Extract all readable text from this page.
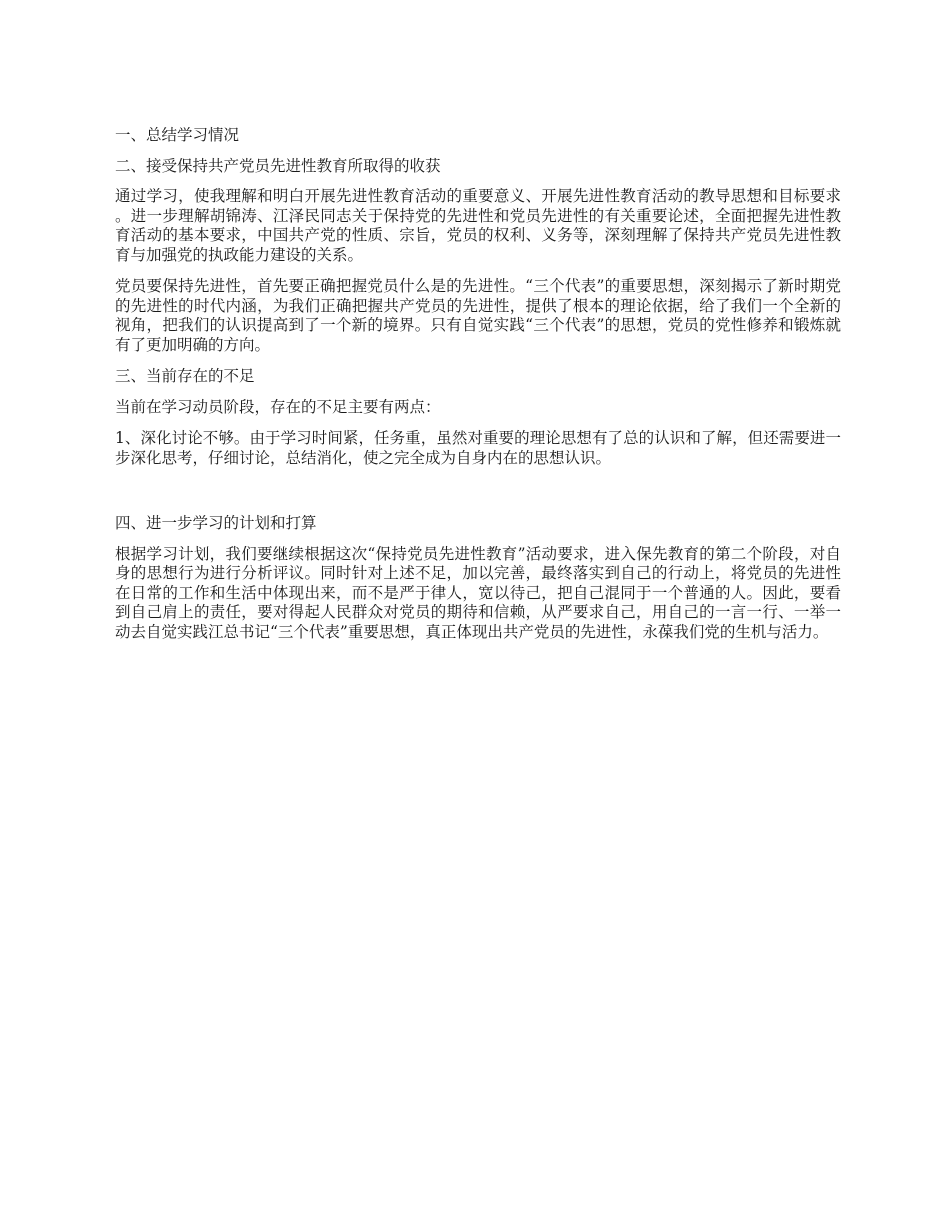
一、总结学习情况

二、接受保持共产党员先进性教育所取得的收获

通过学习，使我理解和明白开展先进性教育活动的重要意义、开展先进性教育活动的教导思想和目标要求。进一步理解胡锦涛、江泽民同志关于保持党的先进性和党员先进性的有关重要论述，全面把握先进性教育活动的基本要求，中国共产党的性质、宗旨，党员的权利、义务等，深刻理解了保持共产党员先进性教育与加强党的执政能力建设的关系。

党员要保持先进性，首先要正确把握党员什么是的先进性。“三个代表”的重要思想，深刻揭示了新时期党的先进性的时代内涵，为我们正确把握共产党员的先进性，提供了根本的理论依据，给了我们一个全新的视角，把我们的认识提高到了一个新的境界。只有自觉实践“三个代表”的思想，党员的党性修养和锻炼就有了更加明确的方向。

三、当前存在的不足

当前在学习动员阶段，存在的不足主要有两点：

1、深化讨论不够。由于学习时间紧，任务重，虽然对重要的理论思想有了总的认识和了解，但还需要进一步深化思考，仔细讨论，总结消化，使之完全成为自身内在的思想认识。

四、进一步学习的计划和打算

根据学习计划，我们要继续根据这次“保持党员先进性教育”活动要求，进入保先教育的第二个阶段，对自身的思想行为进行分析评议。同时针对上述不足，加以完善，最终落实到自己的行动上，将党员的先进性在日常的工作和生活中体现出来，而不是严于律人，宽以待己，把自己混同于一个普通的人。因此，要看到自己肩上的责任，要对得起人民群众对党员的期待和信赖，从严要求自己，用自己的一言一行、一举一动去自觉实践江总书记“三个代表”重要思想，真正体现出共产党员的先进性，永葆我们党的生机与活力。
